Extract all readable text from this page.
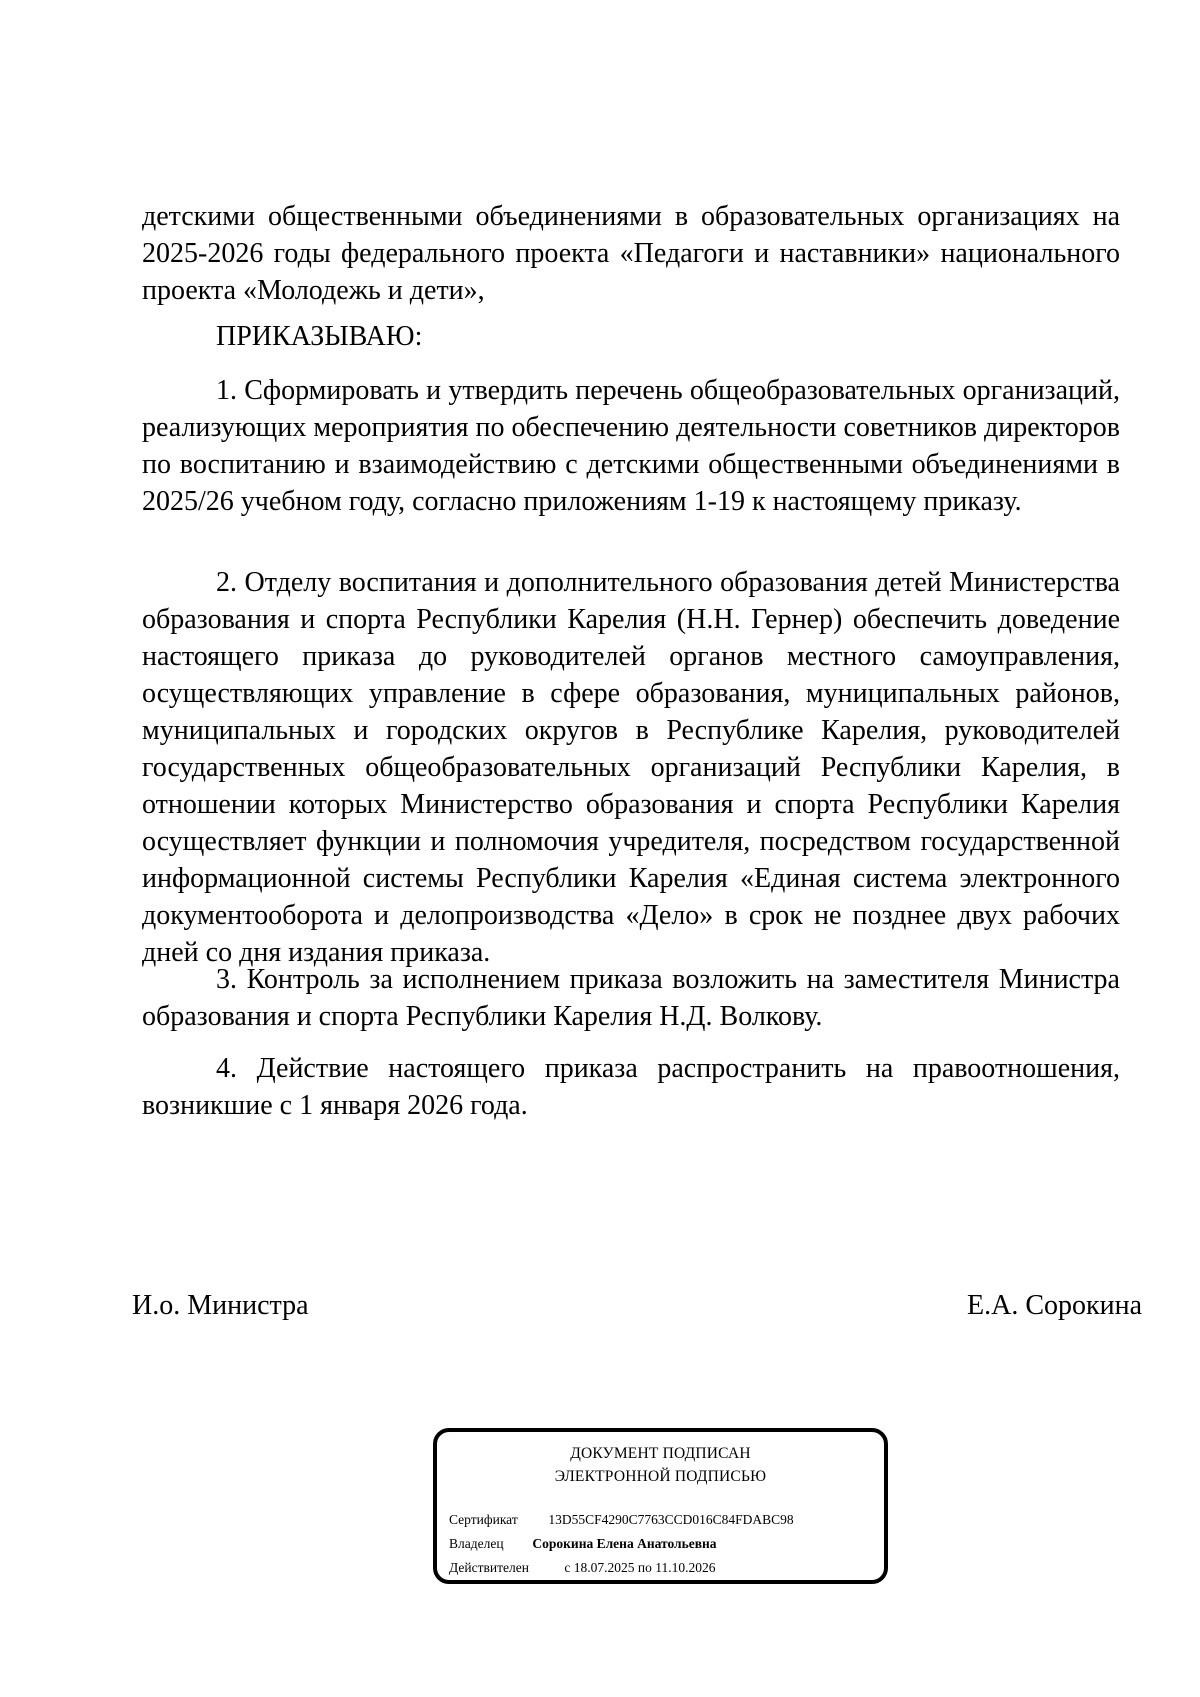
детскими общественными объединениями в образовательных организациях на 2025-2026 годы федерального проекта «Педагоги и наставники» национального проекта «Молодежь и дети»,

ПРИКАЗЫВАЮ:

1. Сформировать и утвердить перечень общеобразовательных организаций, реализующих мероприятия по обеспечению деятельности советников директоров по воспитанию и взаимодействию с детскими общественными объединениями в 2025/26 учебном году, согласно приложениям 1-19 к настоящему приказу.

2. Отделу воспитания и дополнительного образования детей Министерства образования и спорта Республики Карелия (Н.Н. Гернер) обеспечить доведение настоящего приказа до руководителей органов местного самоуправления, осуществляющих управление в сфере образования, муниципальных районов, муниципальных и городских округов в Республике Карелия, руководителей государственных общеобразовательных организаций Республики Карелия, в отношении которых Министерство образования и спорта Республики Карелия осуществляет функции и полномочия учредителя, посредством государственной информационной системы Республики Карелия «Единая система электронного документооборота и делопроизводства «Дело» в срок не позднее двух рабочих дней со дня издания приказа.

3. Контроль за исполнением приказа возложить на заместителя Министра образования и спорта Республики Карелия Н.Д. Волкову.

4. Действие настоящего приказа распространить на правоотношения, возникшие с 1 января 2026 года.

И.о. Министра	Е.А. Сорокина
ДОКУМЕНТ ПОДПИСАН
ЭЛЕКТРОННОЙ ПОДПИСЬЮ
Сертификат 13D55CF4290C7763CCD016C84FDABC98
Владелец Сорокина Елена Анатольевна
Действителен	с 18.07.2025 по 11.10.2026
